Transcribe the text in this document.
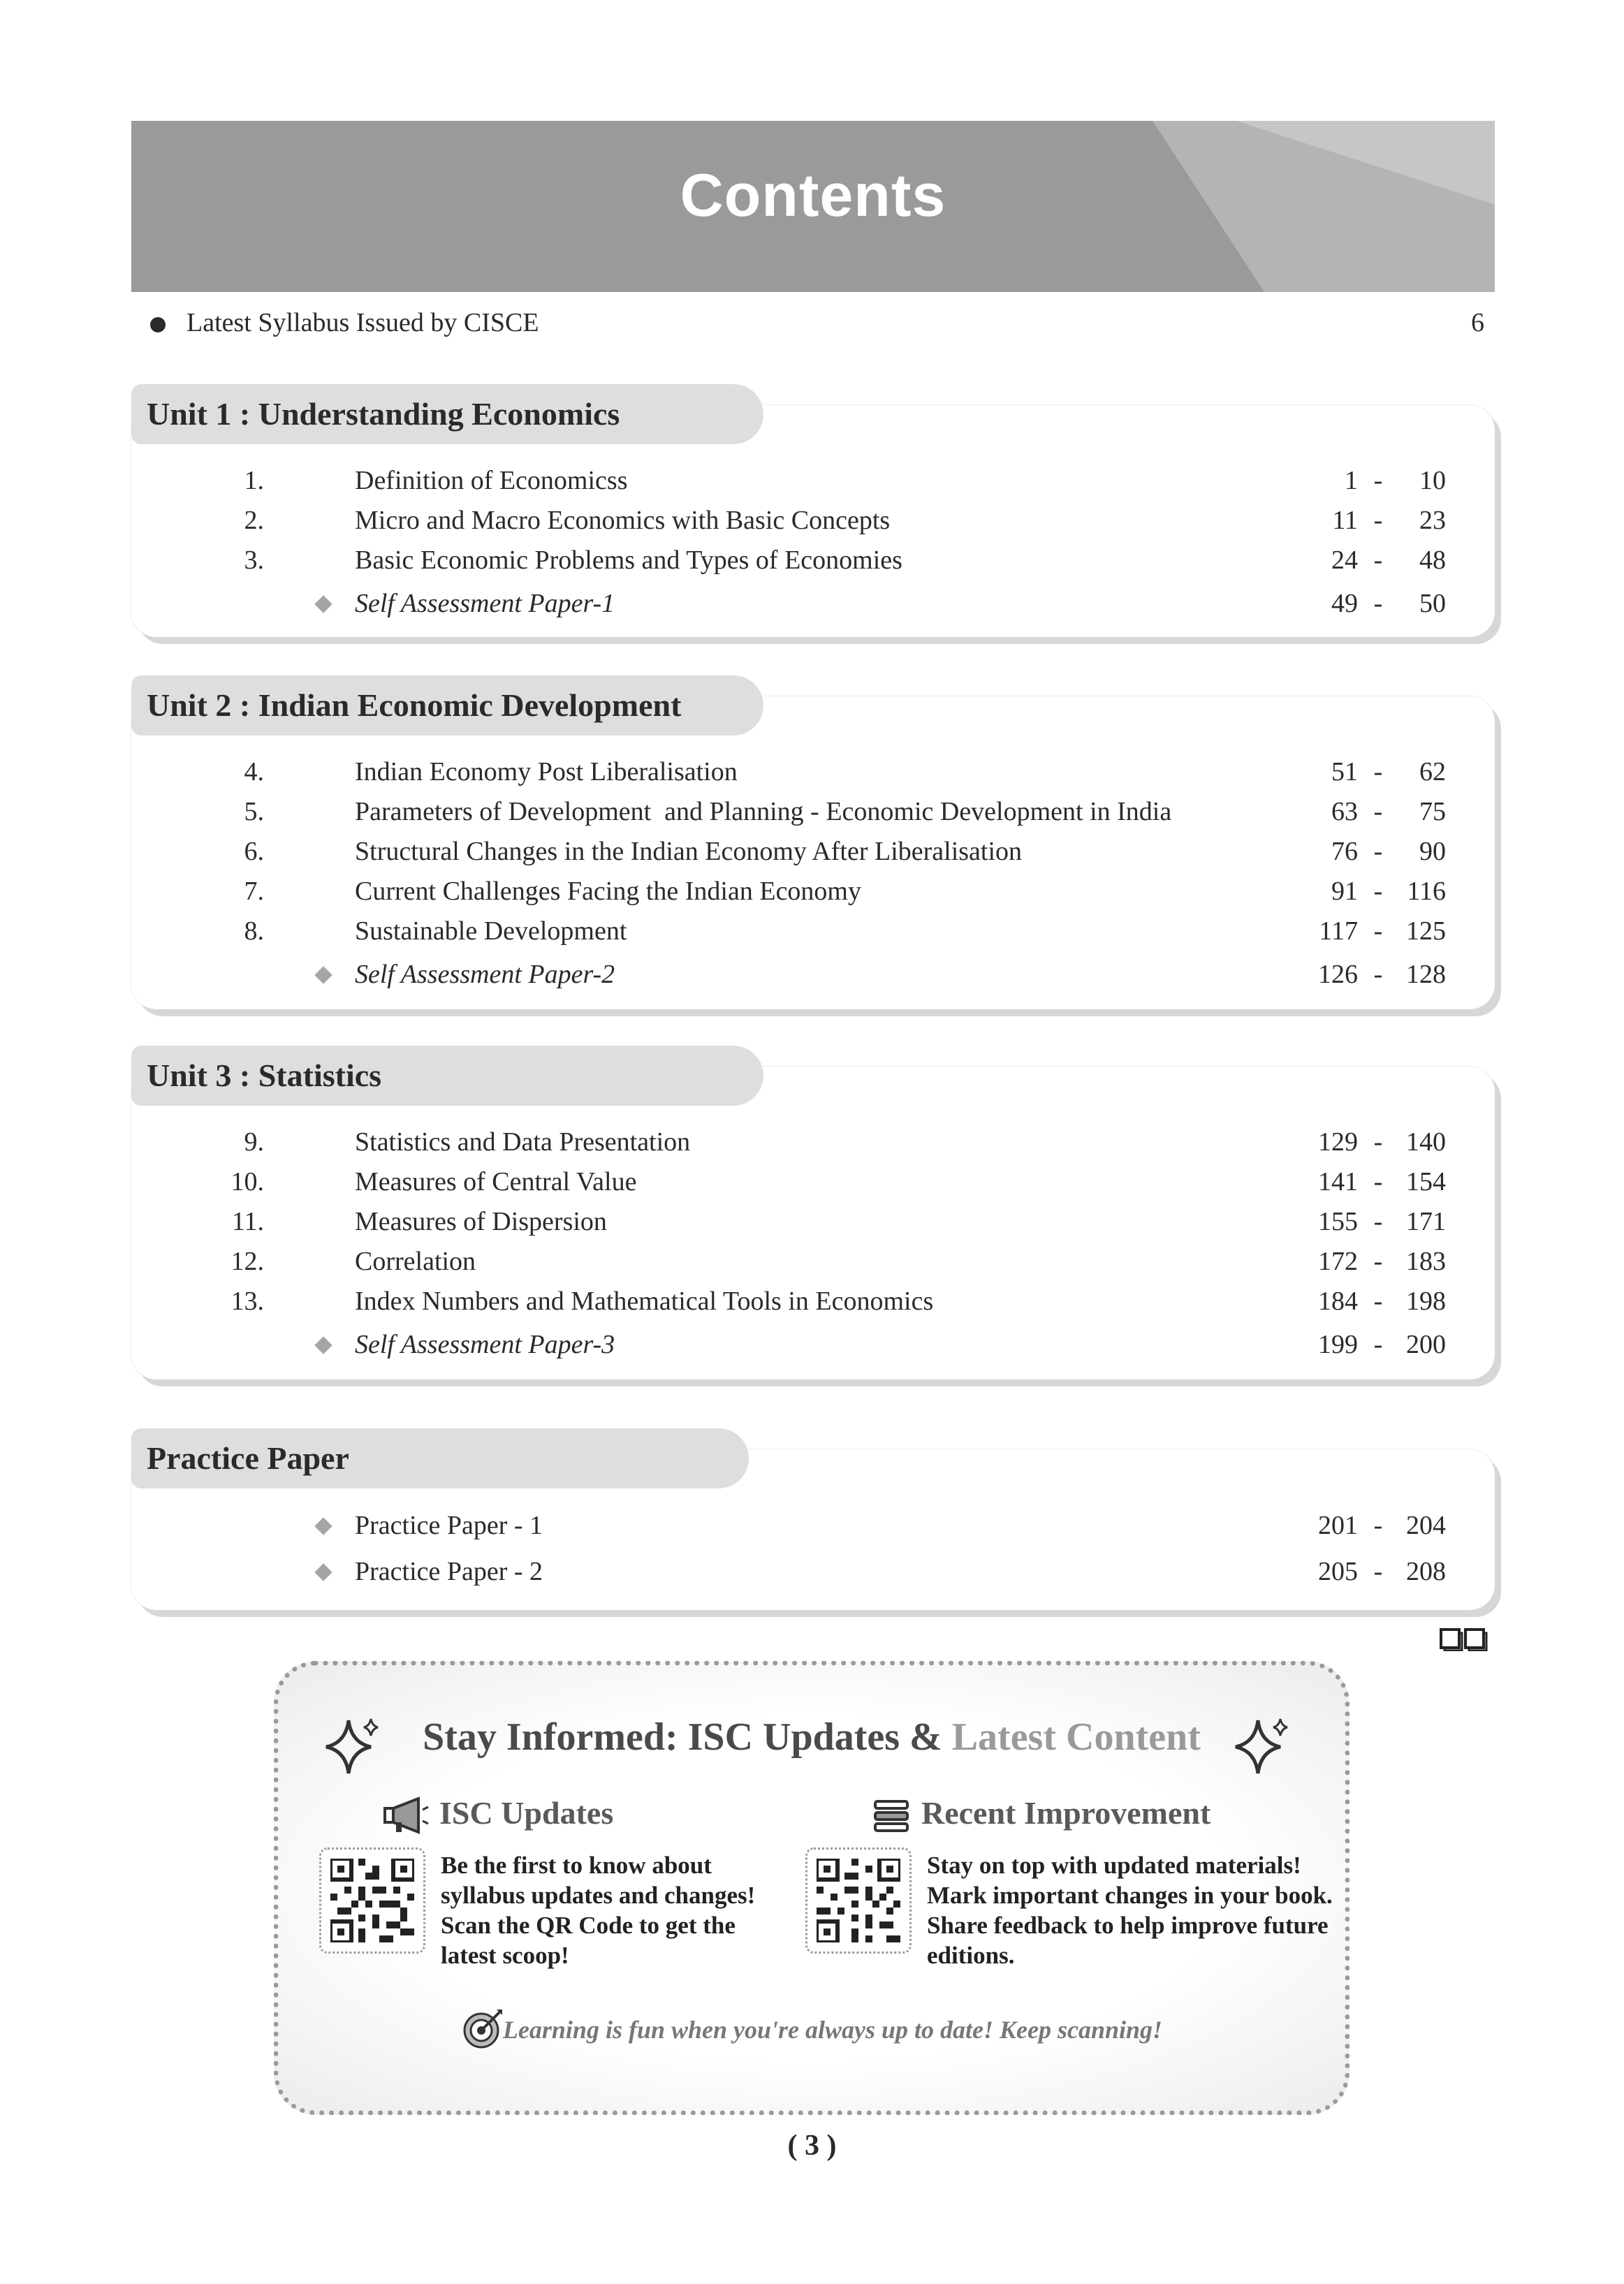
Contents
Latest Syllabus Issued by CISCE	6
Unit 1 : Understanding Economics
1.	Definition of Economicss	1 -	10
2.	Micro and Macro Economics with Basic Concepts	11 -	23
3.	Basic Economic Problems and Types of Economies	24 -	48
Self Assessment Paper-1	49 -	50
Unit 2 : Indian Economic Development
4.	Indian Economy Post Liberalisation	51 -	62
5.	Parameters of Development  and Planning - Economic Development in India	63 -	75
6.	Structural Changes in the Indian Economy After Liberalisation	76 -	90
7.	Current Challenges Facing the Indian Economy	91 - 116
8.	Sustainable Development	117 - 125
Self Assessment Paper-2	126 - 128
Unit 3 : Statistics
9.	Statistics and Data Presentation	129 - 140
10.	Measures of Central Value	141 - 154
11.	Measures of Dispersion	155 - 171
12.	Correlation	172 - 183
13.	Index Numbers and Mathematical Tools in Economics	184 - 198
Self Assessment Paper-3	199 - 200
Practice Paper
Practice Paper - 1	201 - 204
Practice Paper - 2	205 - 208
Stay Informed: ISC Updates & Latest Content
ISC Updates
Be the first to know about syllabus updates and changes! Scan the QR Code to get the latest scoop!
Recent Improvement
Stay on top with updated materials! Mark important changes in your book. Share feedback to help improve future editions.
Learning is fun when you're always up to date! Keep scanning!
( 3 )
